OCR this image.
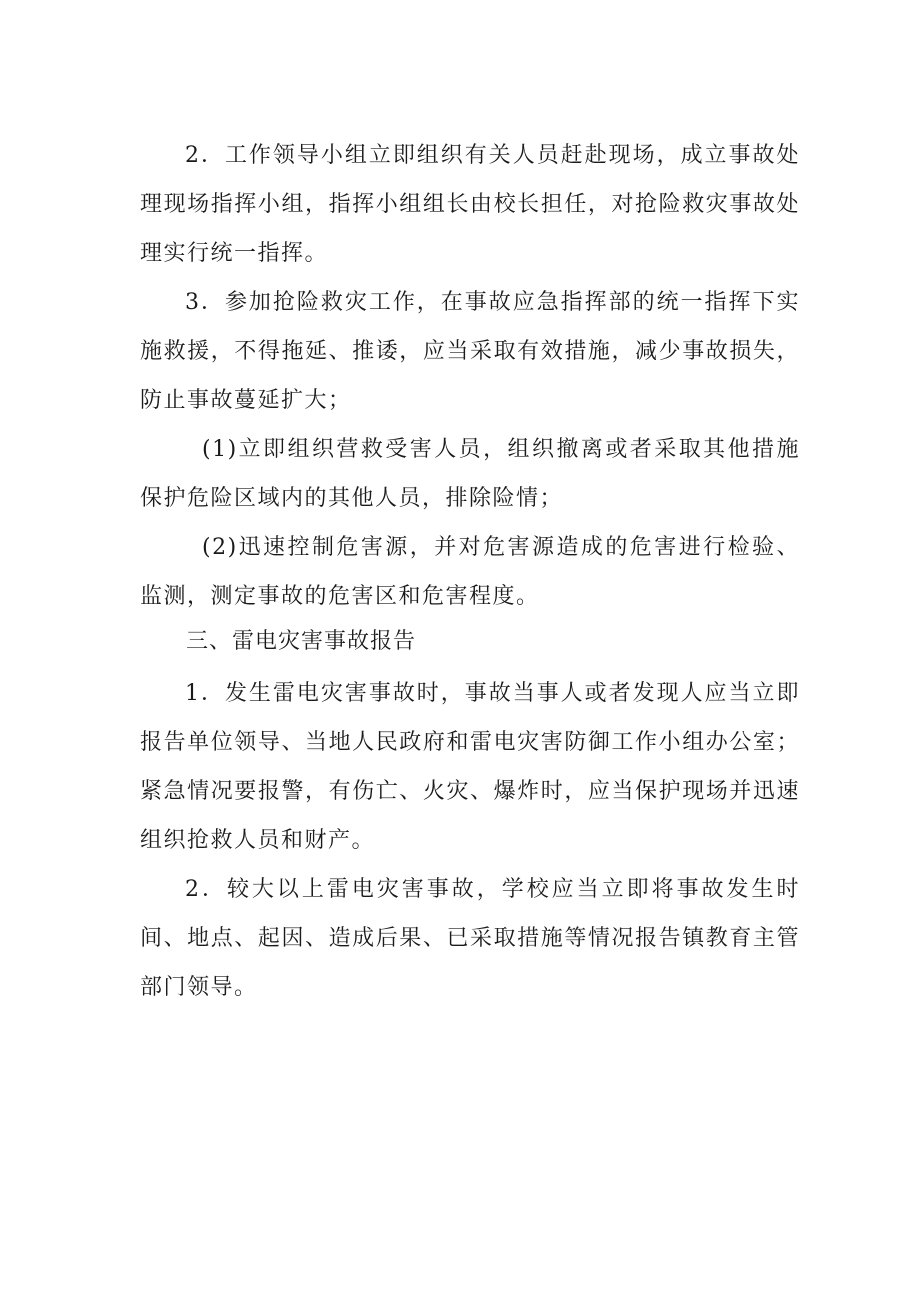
2．工作领导小组立即组织有关人员赶赴现场，成立事故处理现场指挥小组，指挥小组组长由校长担任，对抢险救灾事故处理实行统一指挥。

3．参加抢险救灾工作，在事故应急指挥部的统一指挥下实施救援，不得拖延、推诿，应当采取有效措施，减少事故损失，防止事故蔓延扩大；

(1)立即组织营救受害人员，组织撤离或者采取其他措施保护危险区域内的其他人员，排除险情；

(2)迅速控制危害源，并对危害源造成的危害进行检验、监测，测定事故的危害区和危害程度。

三、雷电灾害事故报告

1．发生雷电灾害事故时，事故当事人或者发现人应当立即报告单位领导、当地人民政府和雷电灾害防御工作小组办公室；紧急情况要报警，有伤亡、火灾、爆炸时，应当保护现场并迅速组织抢救人员和财产。

2．较大以上雷电灾害事故，学校应当立即将事故发生时间、地点、起因、造成后果、已采取措施等情况报告镇教育主管部门领导。
